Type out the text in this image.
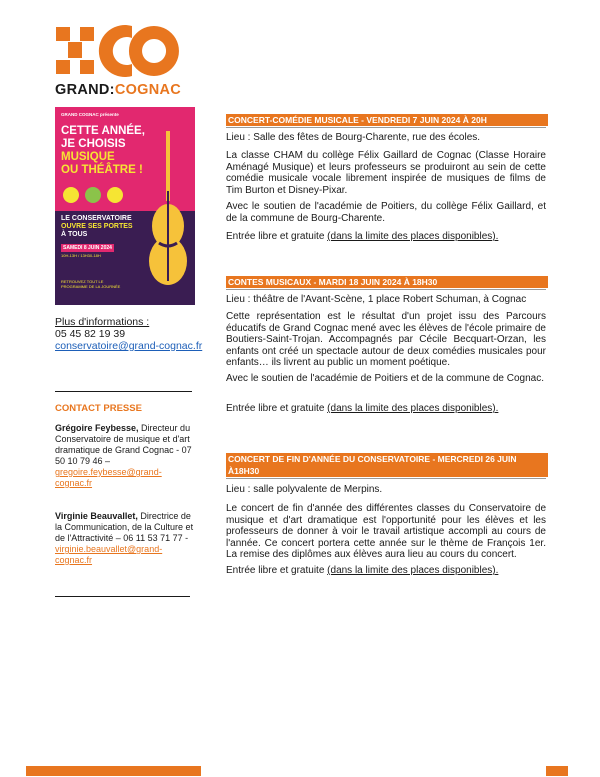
GRAND:COGNAC
GRAND COGNAC présente
CETTE ANNÉE,
JE CHOISIS
MUSIQUE
OU THÉÂTRE !
LE CONSERVATOIRE
OUVRE SES PORTES
À TOUS
SAMEDI 8 JUIN 2024
10H-13H / 13H30-18H
RETROUVEZ TOUT LE PROGRAMME DE LA JOURNÉE
Plus d'informations :
05 45 82 19 39
conservatoire@grand-cognac.fr
CONTACT PRESSE
Grégoire Feybesse, Directeur du Conservatoire de musique et d'art dramatique de Grand Cognac - 07 50 10 79 46 – gregoire.feybesse@grand-cognac.fr
Virginie Beauvallet, Directrice de la Communication, de la Culture et de l'Attractivité – 06 11 53 71 77 - virginie.beauvallet@grand-cognac.fr
CONCERT-COMÉDIE MUSICALE - VENDREDI 7 JUIN 2024 À 20H

Lieu : Salle des fêtes de Bourg-Charente, rue des écoles.

La classe CHAM du collège Félix Gaillard de Cognac (Classe Horaire Aménagé Musique) et leurs professeurs se produiront au sein de cette comédie musicale vocale librement inspirée de musiques de films de Tim Burton et Disney-Pixar.

Avec le soutien de l'académie de Poitiers, du collège Félix Gaillard, et de la commune de Bourg-Charente.

Entrée libre et gratuite (dans la limite des places disponibles).

CONTES MUSICAUX - MARDI 18 JUIN 2024 À 18H30

Lieu : théâtre de l'Avant-Scène, 1 place Robert Schuman, à Cognac

Cette représentation est le résultat d'un projet issu des Parcours éducatifs de Grand Cognac mené avec les élèves de l'école primaire de Boutiers-Saint-Trojan. Accompagnés par Cécile Becquart-Orzan, les enfants ont créé un spectacle autour de deux comédies musicales pour enfants… ils livrent au public un moment poétique.

Avec le soutien de l'académie de Poitiers et de la commune de Cognac.

Entrée libre et gratuite (dans la limite des places disponibles).

CONCERT DE FIN D'ANNÉE DU CONSERVATOIRE - MERCREDI 26 JUIN À18H30

Lieu : salle polyvalente de Merpins.

Le concert de fin d'année des différentes classes du Conservatoire de musique et d'art dramatique est l'opportunité pour les élèves et les professeurs de donner à voir le travail artistique accompli au cours de l'année. Ce concert portera cette année sur le thème de François 1er. La remise des diplômes aux élèves aura lieu au cours du concert.

Entrée libre et gratuite (dans la limite des places disponibles).
